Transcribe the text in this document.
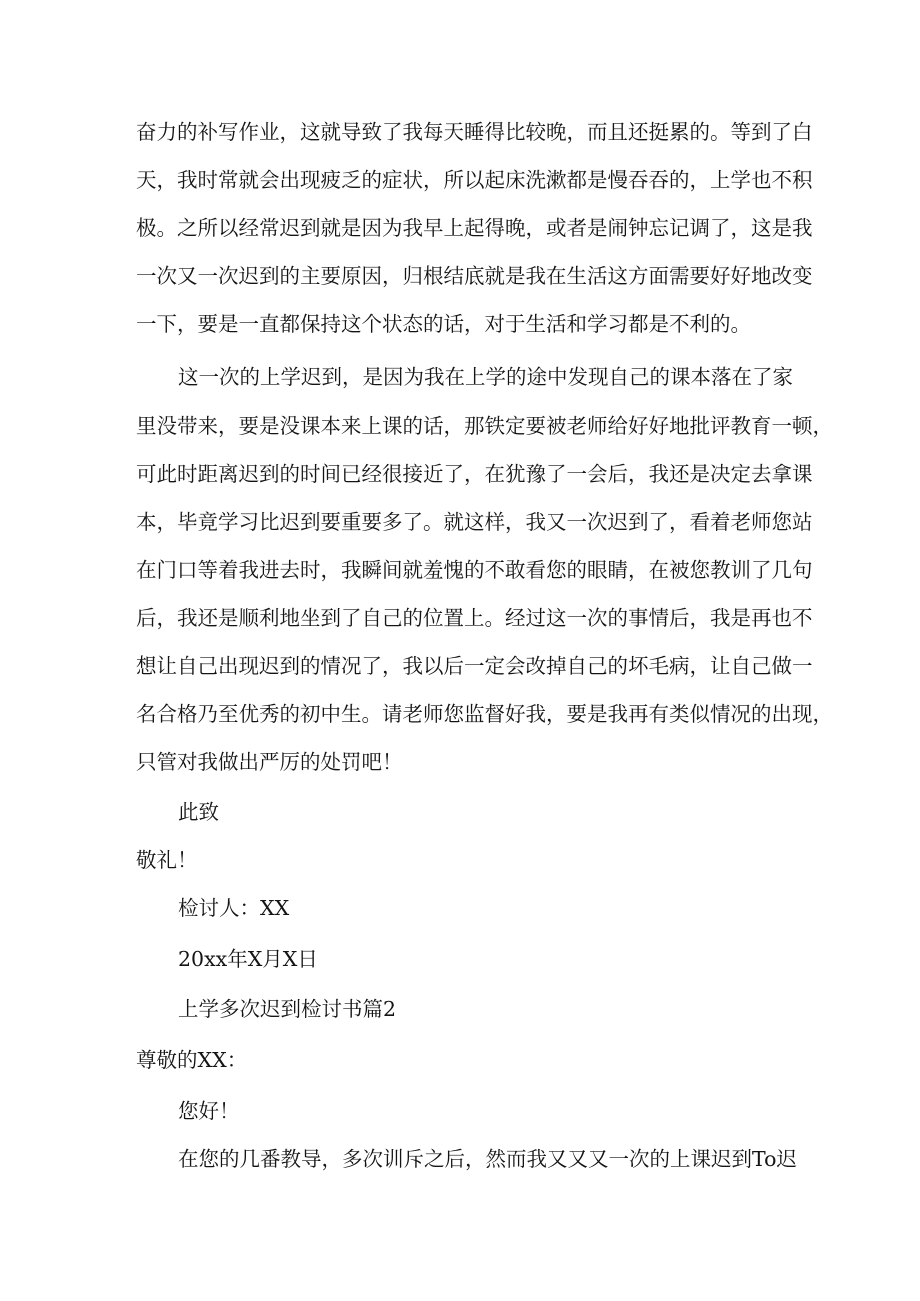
奋力的补写作业，这就导致了我每天睡得比较晚，而且还挺累的。等到了白
天，我时常就会出现疲乏的症状，所以起床洗漱都是慢吞吞的，上学也不积
极。之所以经常迟到就是因为我早上起得晚，或者是闹钟忘记调了，这是我
一次又一次迟到的主要原因，归根结底就是我在生活这方面需要好好地改变
一下，要是一直都保持这个状态的话，对于生活和学习都是不利的。
这一次的上学迟到，是因为我在上学的途中发现自己的课本落在了家
里没带来，要是没课本来上课的话，那铁定要被老师给好好地批评教育一顿，
可此时距离迟到的时间已经很接近了，在犹豫了一会后，我还是决定去拿课
本，毕竟学习比迟到要重要多了。就这样，我又一次迟到了，看着老师您站
在门口等着我进去时，我瞬间就羞愧的不敢看您的眼睛，在被您教训了几句
后，我还是顺利地坐到了自己的位置上。经过这一次的事情后，我是再也不
想让自己出现迟到的情况了，我以后一定会改掉自己的坏毛病，让自己做一
名合格乃至优秀的初中生。请老师您监督好我，要是我再有类似情况的出现，
只管对我做出严厉的处罚吧！
此致
敬礼！
检讨人：XX
20xx年X月X日
上学多次迟到检讨书篇2
尊敬的XX：
您好！
在您的几番教导，多次训斥之后，然而我又又又一次的上课迟到To迟
